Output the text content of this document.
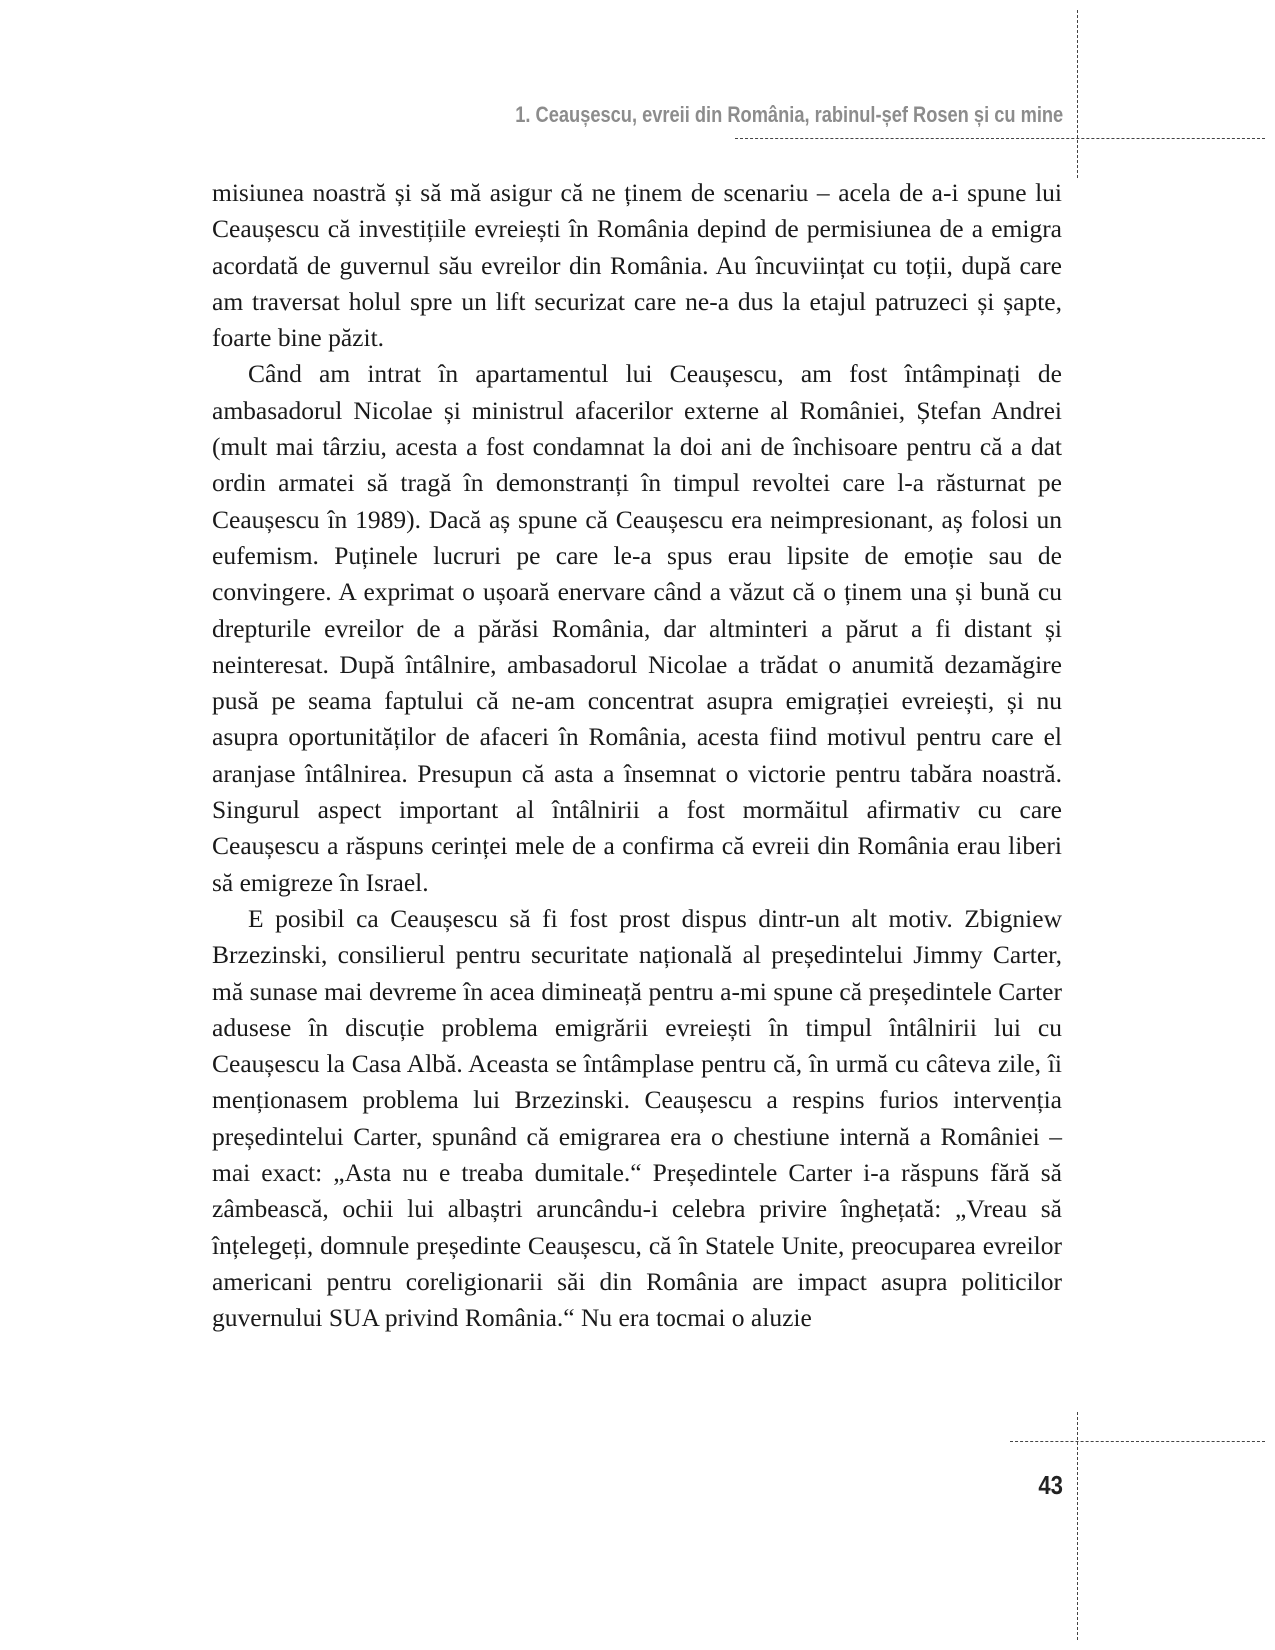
1. Ceaușescu, evreii din România, rabinul-șef Rosen și cu mine

misiunea noastră și să mă asigur că ne ținem de scenariu – acela de a-i spune lui Ceaușescu că investițiile evreiești în România depind de permisiunea de a emigra acordată de guvernul său evreilor din România. Au încuviințat cu toții, după care am traversat holul spre un lift securizat care ne-a dus la etajul patruzeci și șapte, foarte bine păzit.

Când am intrat în apartamentul lui Ceaușescu, am fost întâmpinați de ambasadorul Nicolae și ministrul afacerilor externe al României, Ștefan Andrei (mult mai târziu, acesta a fost condamnat la doi ani de închisoare pentru că a dat ordin armatei să tragă în demonstranți în timpul revoltei care l-a răsturnat pe Ceaușescu în 1989). Dacă aș spune că Ceaușescu era neimpresionant, aș folosi un eufemism. Puținele lucruri pe care le-a spus erau lipsite de emoție sau de convingere. A exprimat o ușoară enervare când a văzut că o ținem una și bună cu drepturile evreilor de a părăsi România, dar altminteri a părut a fi distant și neinteresat. După întâlnire, ambasadorul Nicolae a trădat o anumită dezamăgire pusă pe seama faptului că ne-am concentrat asupra emigrației evreiești, și nu asupra oportunităților de afaceri în România, acesta fiind motivul pentru care el aranjase întâlnirea. Presupun că asta a însemnat o victorie pentru tabăra noastră. Singurul aspect important al întâlnirii a fost mormăitul afirmativ cu care Ceaușescu a răspuns cerinței mele de a confirma că evreii din România erau liberi să emigreze în Israel.

E posibil ca Ceaușescu să fi fost prost dispus dintr-un alt motiv. Zbigniew Brzezinski, consilierul pentru securitate națională al președintelui Jimmy Carter, mă sunase mai devreme în acea dimineață pentru a-mi spune că președintele Carter adusese în discuție problema emigrării evreiești în timpul întâlnirii lui cu Ceaușescu la Casa Albă. Aceasta se întâmplase pentru că, în urmă cu câteva zile, îi menționasem problema lui Brzezinski. Ceaușescu a respins furios intervenția președintelui Carter, spunând că emigrarea era o chestiune internă a României – mai exact: „Asta nu e treaba dumitale.“ Președintele Carter i-a răspuns fără să zâmbească, ochii lui albaștri aruncându-i celebra privire înghețată: „Vreau să înțelegeți, domnule președinte Ceaușescu, că în Statele Unite, preocuparea evreilor americani pentru coreligionarii săi din România are impact asupra politicilor guvernului SUA privind România.“ Nu era tocmai o aluzie

43
